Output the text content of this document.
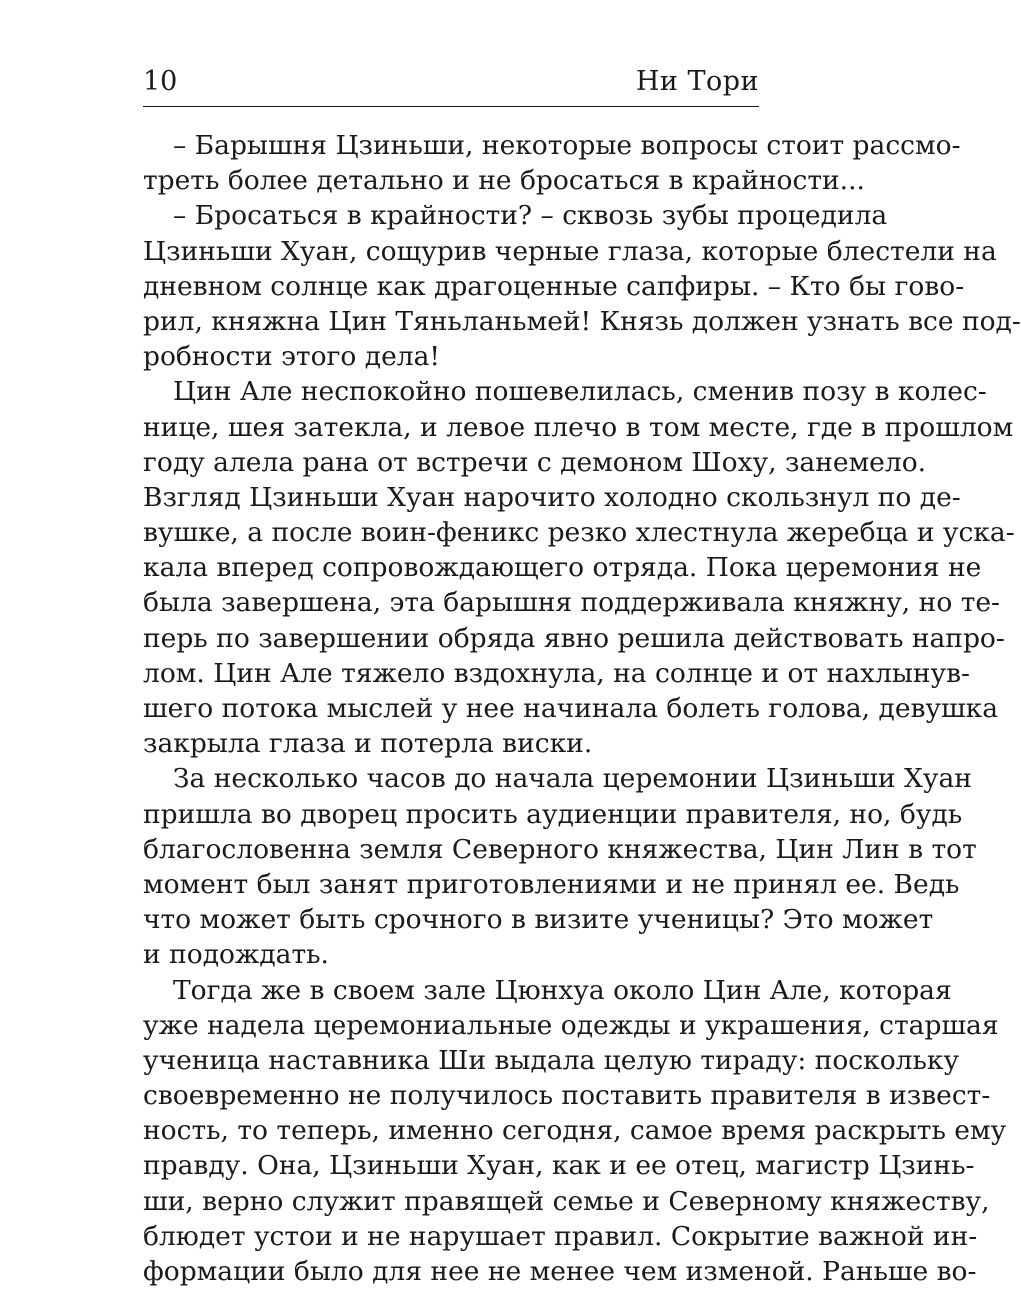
10	Ни Тори
– Барышня Цзиньши, некоторые вопросы стоит рассмо-
треть более детально и не бросаться в крайности...
– Бросаться в крайности? – сквозь зубы процедила
Цзиньши Хуан, сощурив черные глаза, которые блестели на
дневном солнце как драгоценные сапфиры. – Кто бы гово-
рил, княжна Цин Тяньланьмей! Князь должен узнать все под-
робности этого дела!
Цин Але неспокойно пошевелилась, сменив позу в колес-
нице, шея затекла, и левое плечо в том месте, где в прошлом
году алела рана от встречи с демоном Шоху, занемело.
Взгляд Цзиньши Хуан нарочито холодно скользнул по де-
вушке, а после воин-феникс резко хлестнула жеребца и уска-
кала вперед сопровождающего отряда. Пока церемония не
была завершена, эта барышня поддерживала княжну, но те-
перь по завершении обряда явно решила действовать напро-
лом. Цин Але тяжело вздохнула, на солнце и от нахлынув-
шего потока мыслей у нее начинала болеть голова, девушка
закрыла глаза и потерла виски.
За несколько часов до начала церемонии Цзиньши Хуан
пришла во дворец просить аудиенции правителя, но, будь
благословенна земля Северного княжества, Цин Лин в тот
момент был занят приготовлениями и не принял ее. Ведь
что может быть срочного в визите ученицы? Это может
и подождать.
Тогда же в своем зале Цюнхуа около Цин Але, которая
уже надела церемониальные одежды и украшения, старшая
ученица наставника Ши выдала целую тираду: поскольку
своевременно не получилось поставить правителя в извест-
ность, то теперь, именно сегодня, самое время раскрыть ему
правду. Она, Цзиньши Хуан, как и ее отец, магистр Цзинь-
ши, верно служит правящей семье и Северному княжеству,
блюдет устои и не нарушает правил. Сокрытие важной ин-
формации было для нее не менее чем изменой. Раньше во-
